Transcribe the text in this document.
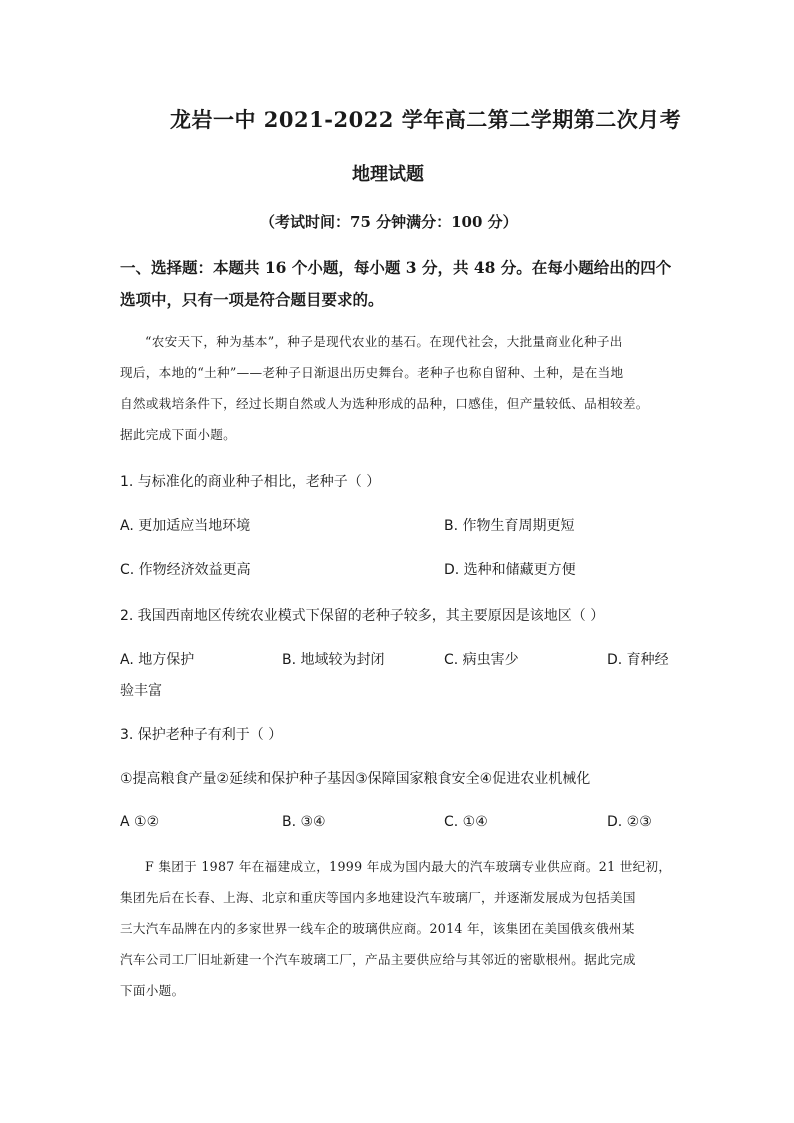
龙岩一中 2021-2022 学年高二第二学期第二次月考
地理试题
（考试时间：75 分钟满分：100 分）
一、选择题：本题共 16 个小题，每小题 3 分，共 48 分。在每小题给出的四个
选项中，只有一项是符合题目要求的。
“农安天下，种为基本”，种子是现代农业的基石。在现代社会，大批量商业化种子出
现后，本地的“土种”——老种子日渐退出历史舞台。老种子也称自留种、土种，是在当地
自然或栽培条件下，经过长期自然或人为选种形成的品种，口感佳，但产量较低、品相较差。
据此完成下面小题。
1. 与标准化的商业种子相比，老种子（ ）
A. 更加适应当地环境	B. 作物生育周期更短
C. 作物经济效益更高	D. 选种和储藏更方便
2. 我国西南地区传统农业模式下保留的老种子较多，其主要原因是该地区（ ）
A. 地方保护	B. 地域较为封闭	C. 病虫害少	D. 育种经
验丰富
3. 保护老种子有利于（ ）
①提高粮食产量②延续和保护种子基因③保障国家粮食安全④促进农业机械化
A ①②	B. ③④	C. ①④	D. ②③
F 集团于 1987 年在福建成立，1999 年成为国内最大的汽车玻璃专业供应商。21 世纪初，
集团先后在长春、上海、北京和重庆等国内多地建设汽车玻璃厂，并逐渐发展成为包括美国
三大汽车品牌在内的多家世界一线车企的玻璃供应商。2014 年，该集团在美国俄亥俄州某
汽车公司工厂旧址新建一个汽车玻璃工厂，产品主要供应给与其邻近的密歇根州。据此完成
下面小题。
